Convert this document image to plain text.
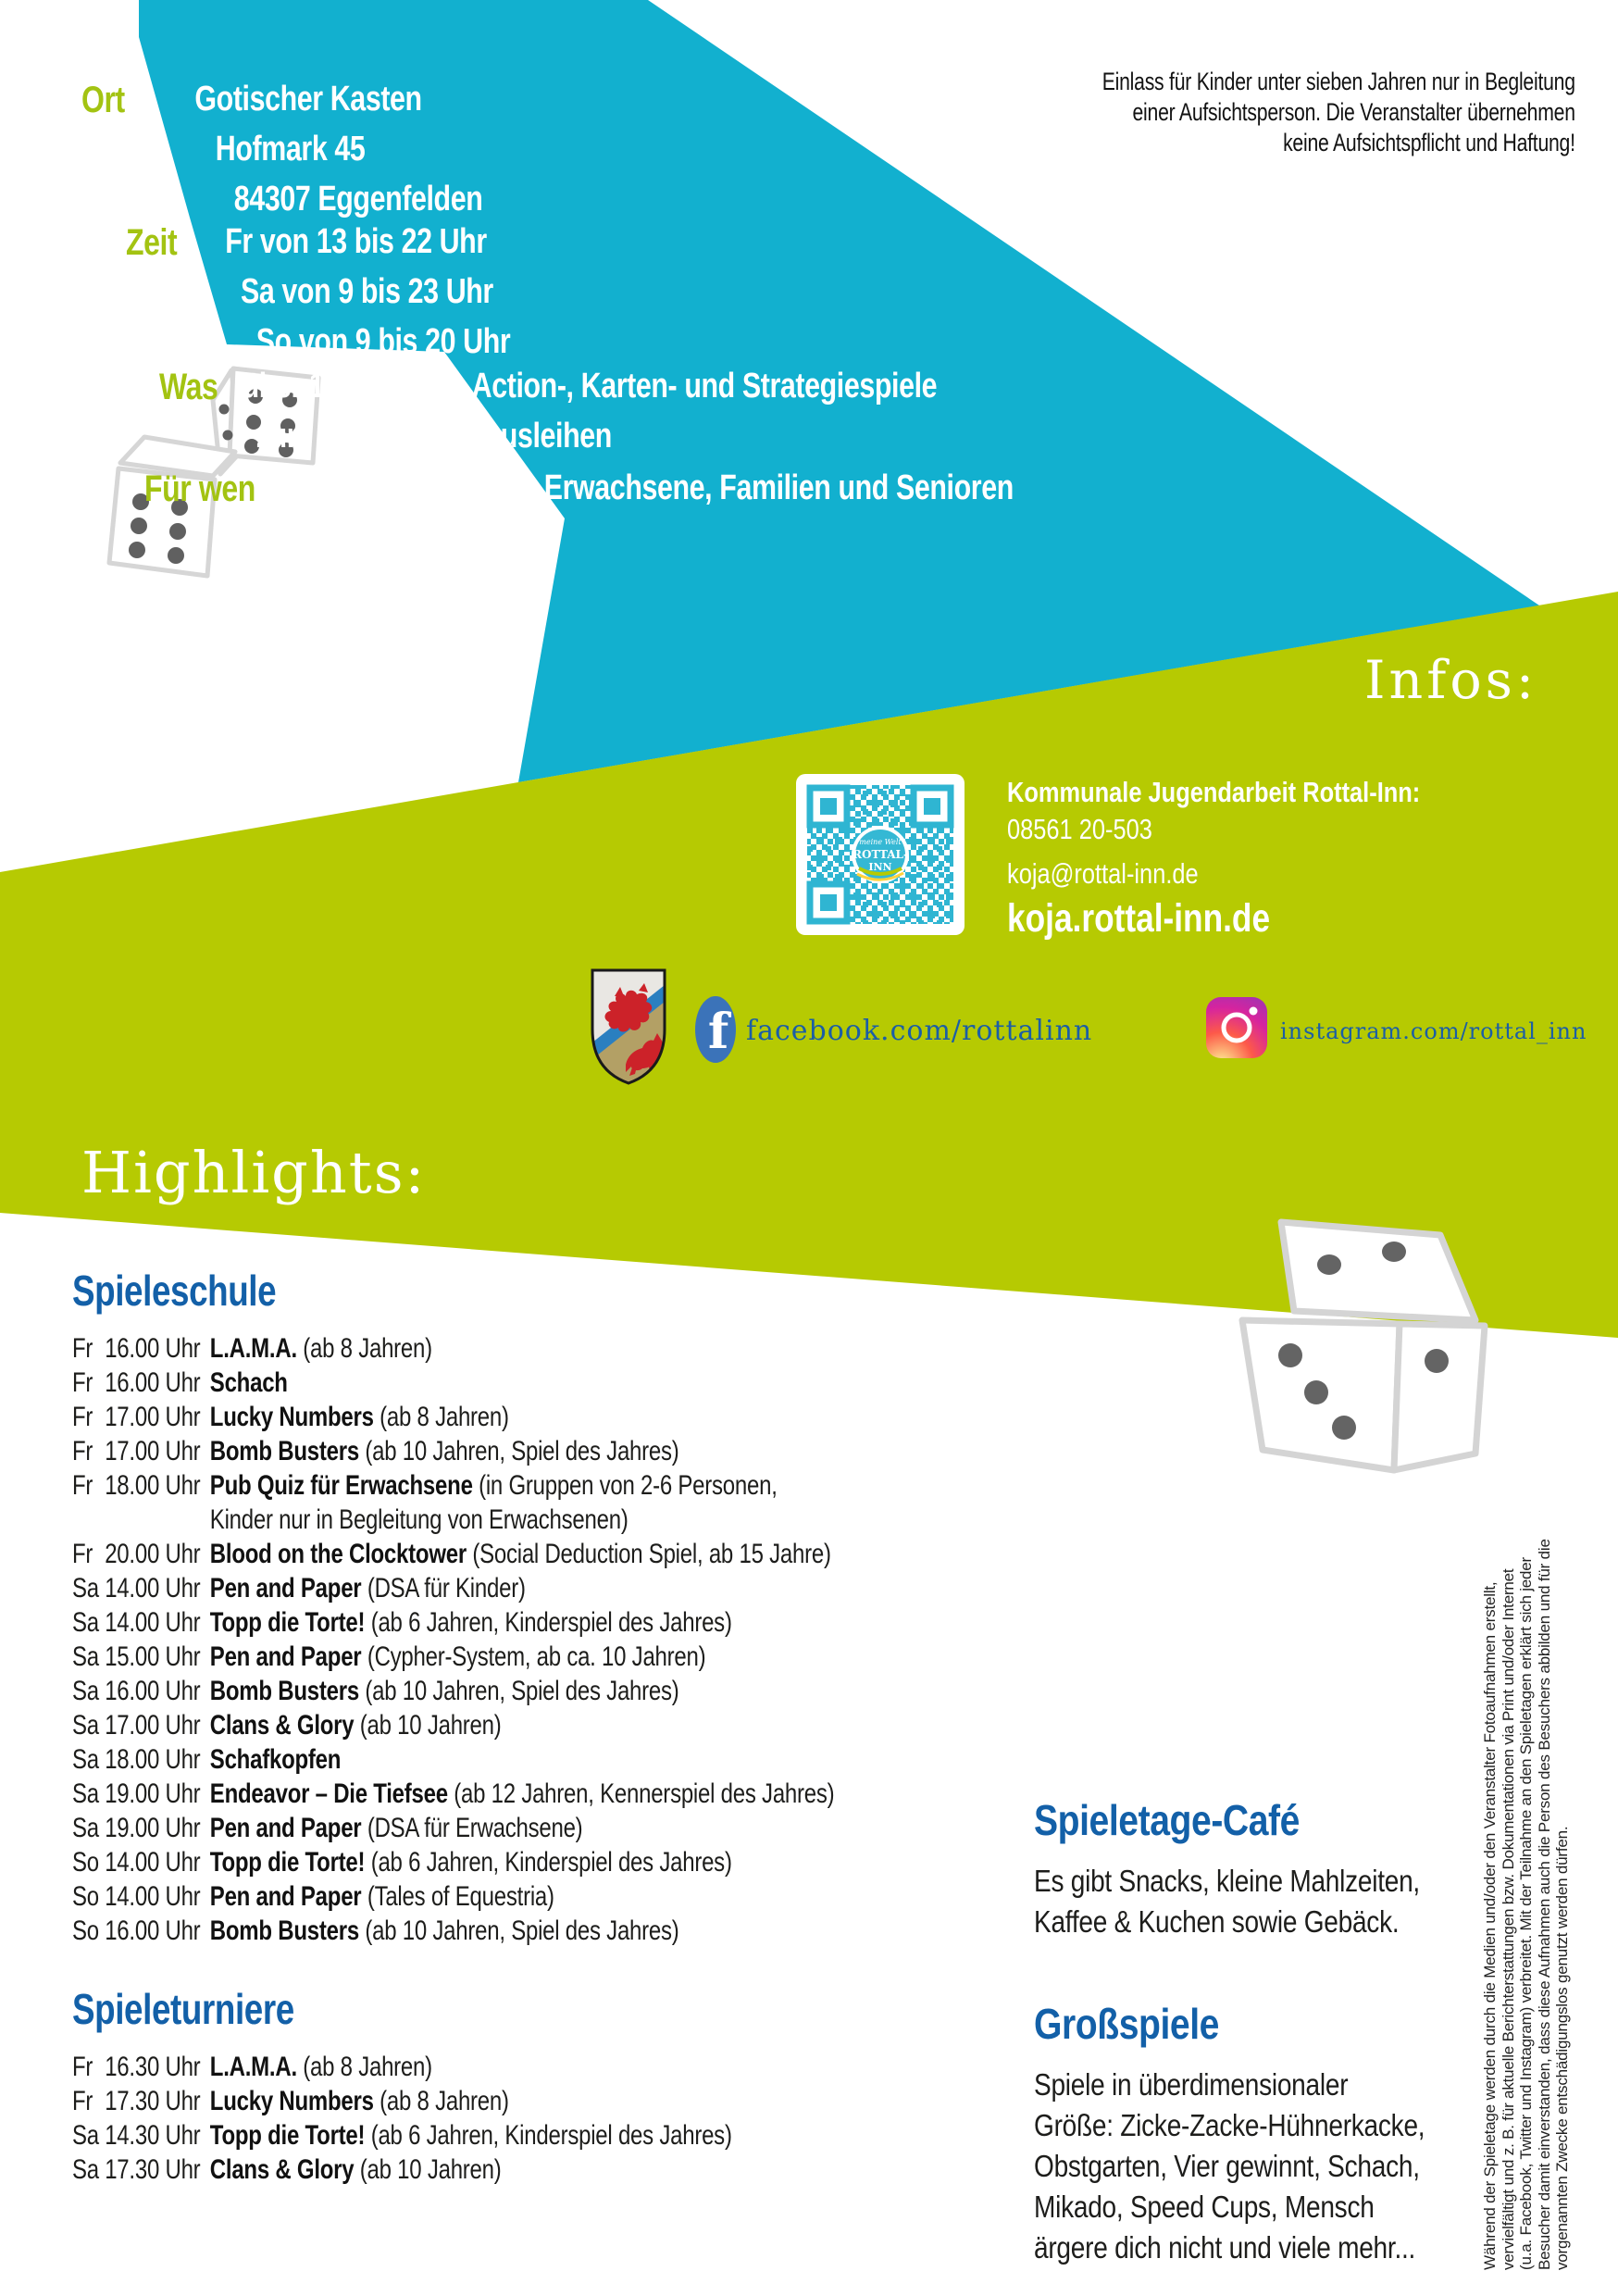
meine Welt
ROTTAL-
INN
f
Ort Gotischer Kasten
Hofmark 45
84307 Eggenfelden
Zeit Fr von 13 bis 22 Uhr
Sa von 9 bis 23 Uhr
So von 9 bis 20 Uhr
Was über 1.500 Brett-, Action-, Karten- und Strategiespiele
zum Spielen und Ausleihen
Für wen Kinder, Jugendliche, Erwachsene, Familien und Senioren
Einlass für Kinder unter sieben Jahren nur in Begleitung
einer Aufsichtsperson. Die Veranstalter übernehmen
keine Aufsichtspflicht und Haftung!
Infos:
Kommunale Jugendarbeit Rottal-Inn:
08561 20-503
koja@rottal-inn.de
koja.rottal-inn.de
facebook.com/rottalinn	instagram.com/rottal_inn
Highlights:
Spieleschule
Fr 16.00 Uhr L.A.M.A. (ab 8 Jahren)
Fr 16.00 Uhr Schach
Fr 17.00 Uhr Lucky Numbers (ab 8 Jahren)
Fr 17.00 Uhr Bomb Busters (ab 10 Jahren, Spiel des Jahres)
Fr 18.00 Uhr Pub Quiz für Erwachsene (in Gruppen von 2-6 Personen,
Kinder nur in Begleitung von Erwachsenen)
Fr 20.00 Uhr Blood on the Clocktower (Social Deduction Spiel, ab 15 Jahre)
Sa 14.00 Uhr Pen and Paper (DSA für Kinder)
Sa 14.00 Uhr Topp die Torte! (ab 6 Jahren, Kinderspiel des Jahres)
Sa 15.00 Uhr Pen and Paper (Cypher-System, ab ca. 10 Jahren)
Sa 16.00 Uhr Bomb Busters (ab 10 Jahren, Spiel des Jahres)
Sa 17.00 Uhr Clans & Glory (ab 10 Jahren)
Sa 18.00 Uhr Schafkopfen
Sa 19.00 Uhr Endeavor – Die Tiefsee (ab 12 Jahren, Kennerspiel des Jahres)
Sa 19.00 Uhr Pen and Paper (DSA für Erwachsene)
So 14.00 Uhr Topp die Torte! (ab 6 Jahren, Kinderspiel des Jahres)
So 14.00 Uhr Pen and Paper (Tales of Equestria)
So 16.00 Uhr Bomb Busters (ab 10 Jahren, Spiel des Jahres)
Spieleturniere
Fr 16.30 Uhr L.A.M.A. (ab 8 Jahren)
Fr 17.30 Uhr Lucky Numbers (ab 8 Jahren)
Sa 14.30 Uhr Topp die Torte! (ab 6 Jahren, Kinderspiel des Jahres)
Sa 17.30 Uhr Clans & Glory (ab 10 Jahren)
Spieletage-Café
Es gibt Snacks, kleine Mahlzeiten,
Kaffee & Kuchen sowie Gebäck.
Großspiele
Spiele in überdimensionaler
Größe: Zicke-Zacke-Hühnerkacke,
Obstgarten, Vier gewinnt, Schach,
Mikado, Speed Cups, Mensch
ärgere dich nicht und viele mehr...	Während der Spieletage werden durch die Medien und/oder den Veranstalter Fotoaufnahmen erstellt, vervielfältigt und z. B. für aktuelle Berichterstattungen bzw. Dokumentationen via Print und/oder Internet (u.a. Facebook, Twitter und Instagram) verbreitet. Mit der Teilnahme an den Spieletagen erklärt sich jeder Besucher damit einverstanden, dass diese Aufnahmen auch die Person des Besuchers abbilden und für die vorgenannten Zwecke entschädigungslos genutzt werden dürfen.
